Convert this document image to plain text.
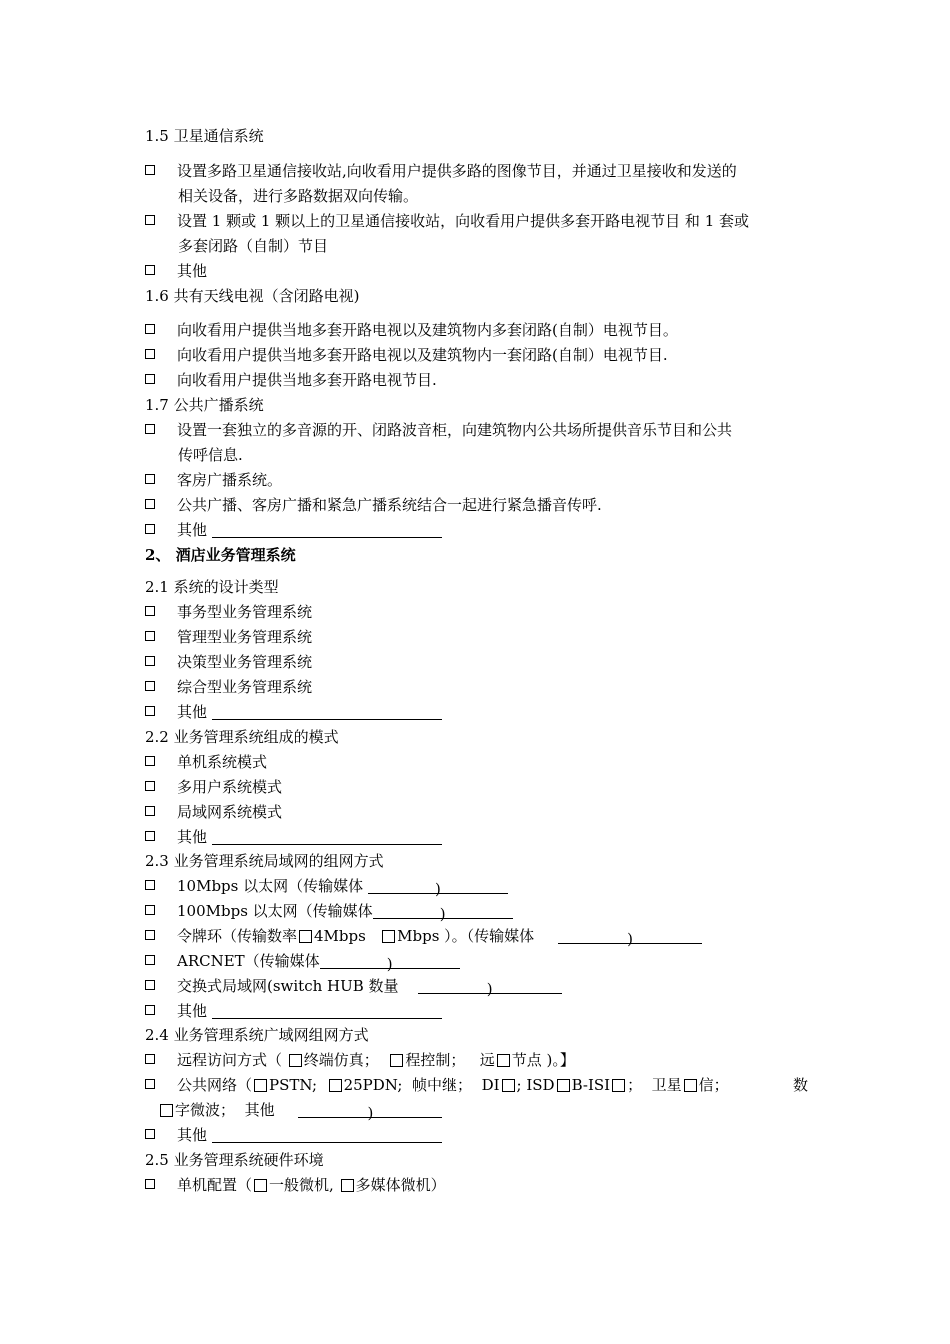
1.5 卫星通信系统
设置多路卫星通信接收站,向收看用户提供多路的图像节目，并通过卫星接收和发送的
相关设备，进行多路数据双向传输。
设置 1 颗或 1 颗以上的卫星通信接收站，向收看用户提供多套开路电视节目 和 1 套或
多套闭路（自制）节目
其他
1.6 共有天线电视（含闭路电视)
向收看用户提供当地多套开路电视以及建筑物内多套闭路(自制）电视节目。
向收看用户提供当地多套开路电视以及建筑物内一套闭路(自制）电视节目.
向收看用户提供当地多套开路电视节目.
1.7 公共广播系统
设置一套独立的多音源的开、闭路波音柜，向建筑物内公共场所提供音乐节目和公共
传呼信息.
客房广播系统。
公共广播、客房广播和紧急广播系统结合一起进行紧急播音传呼.
其他
2、 酒店业务管理系统
2.1 系统的设计类型
事务型业务管理系统
管理型业务管理系统
决策型业务管理系统
综合型业务管理系统
其他
2.2 业务管理系统组成的模式
单机系统模式
多用户系统模式
局域网系统模式
其他
2.3 业务管理系统局域网的组网方式
10Mbps 以太网（传输媒体	)
100Mbps 以太网（传输媒体	)
令牌环（传输数率 4Mbps Mbps ）。（传输媒体	)
ARCNET（传输媒体	)
交换式局域网(switch HUB 数量	)
其他
2.4 业务管理系统广域网组网方式
远程访问方式（ 终端仿真； 程控制； 远 节点 )。】
公共网络（ PSTN; 25PDN; 帧中继； DI ; ISD B-ISI ； 卫星 信；	数
字微波； 其他	)
其他
2.5 业务管理系统硬件环境
单机配置（ 一般微机, 多媒体微机）
